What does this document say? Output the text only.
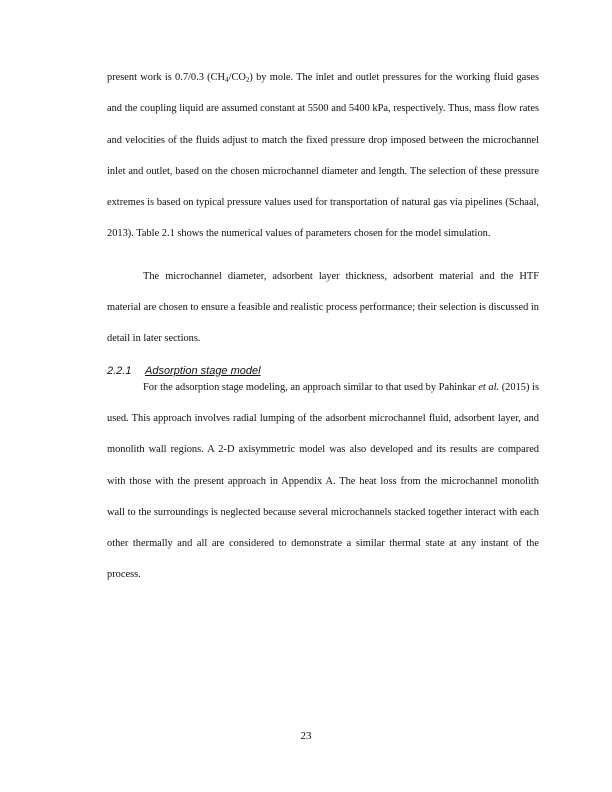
present work is 0.7/0.3 $(CH_4/CO_2)$ by mole. The inlet and outlet pressures for the working fluid gases and the coupling liquid are assumed constant at 5500 and 5400 kPa, respectively. Thus, mass flow rates and velocities of the fluids adjust to match the fixed pressure drop imposed between the microchannel inlet and outlet, based on the chosen microchannel diameter and length. The selection of these pressure extremes is based on typical pressure values used for transportation of natural gas via pipelines (Schaal, 2013). Table 2.1 shows the numerical values of parameters chosen for the model simulation.

The microchannel diameter, adsorbent layer thickness, adsorbent material and the HTF material are chosen to ensure a feasible and realistic process performance; their selection is discussed in detail in later sections.

2.2.1	Adsorption stage model

For the adsorption stage modeling, an approach similar to that used by Pahinkar et al. (2015) is used. This approach involves radial lumping of the adsorbent microchannel fluid, adsorbent layer, and monolith wall regions. A 2-D axisymmetric model was also developed and its results are compared with those with the present approach in Appendix A. The heat loss from the microchannel monolith wall to the surroundings is neglected because several microchannels stacked together interact with each other thermally and all are considered to demonstrate a similar thermal state at any instant of the process.

23
